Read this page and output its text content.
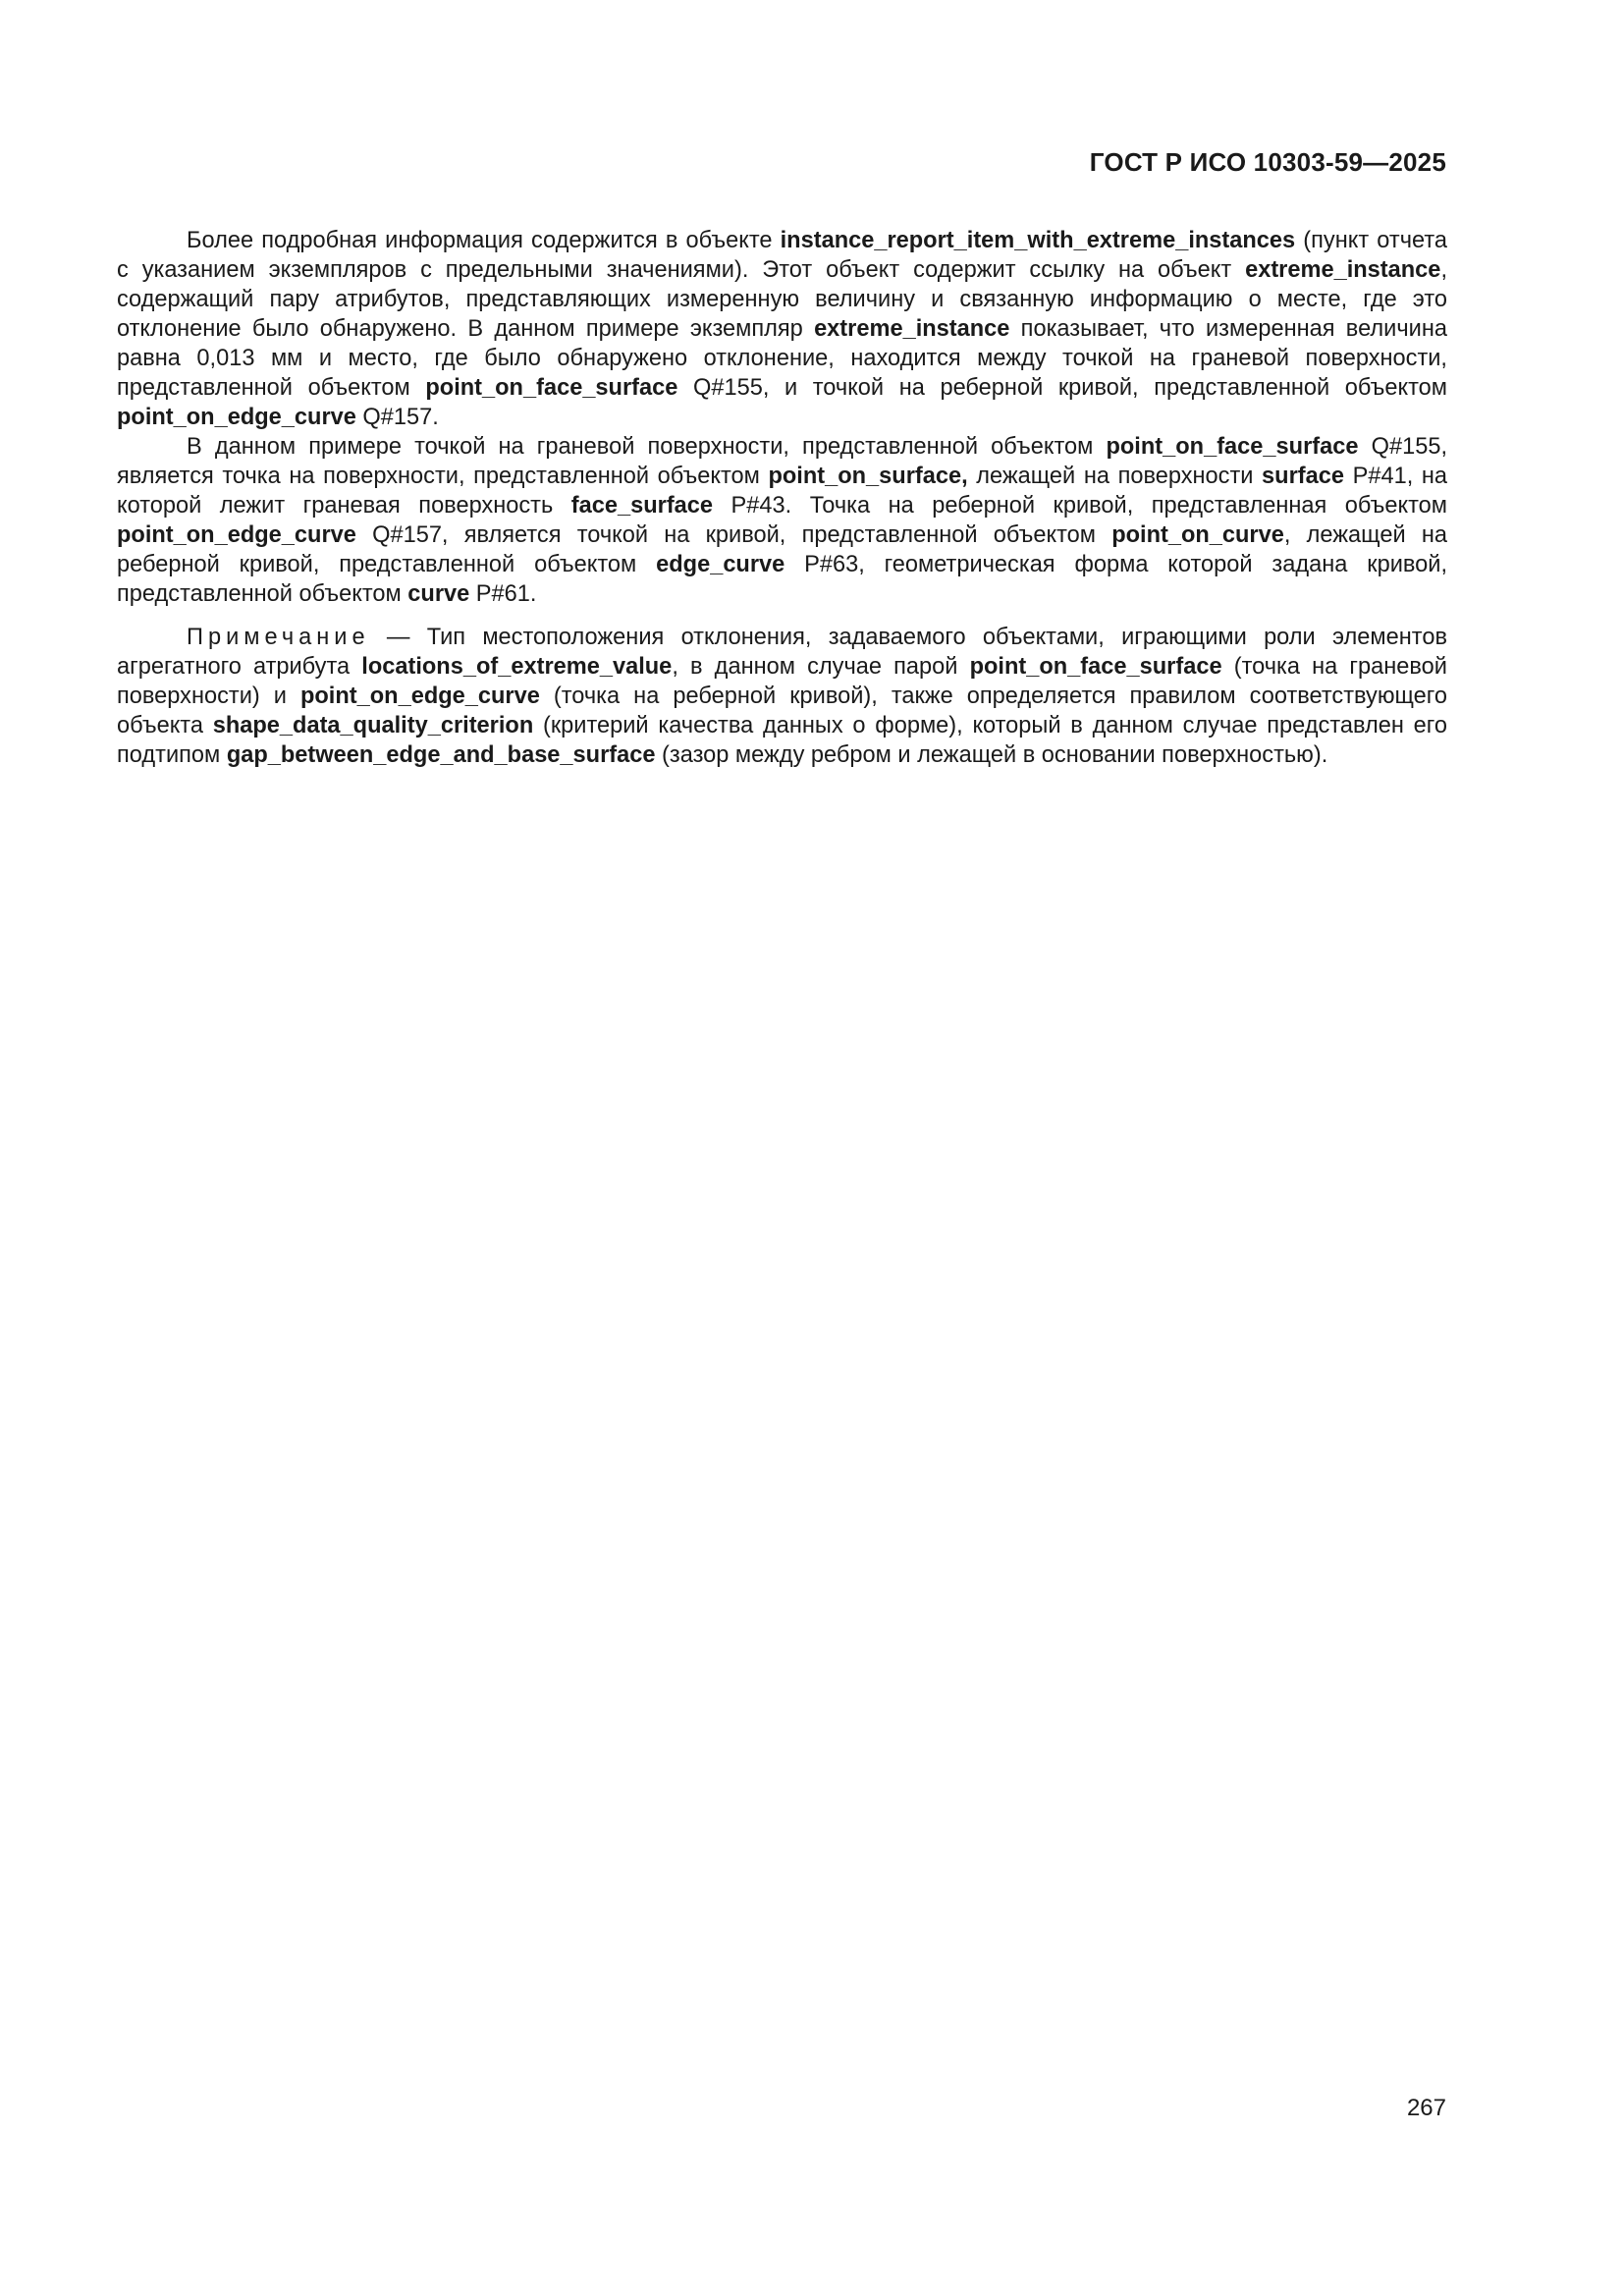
ГОСТ Р ИСО 10303-59—2025

Более подробная информация содержится в объекте instance_report_item_with_extreme_instances (пункт отчета с указанием экземпляров с предельными значениями). Этот объект содержит ссылку на объект extreme_instance, содержащий пару атрибутов, представляющих измеренную величину и связанную информацию о месте, где это отклонение было обнаружено. В данном примере экземпляр extreme_instance показывает, что измеренная величина равна 0,013 мм и место, где было обнаружено отклонение, находится между точкой на граневой поверхности, представленной объектом point_on_face_surface Q#155, и точкой на реберной кривой, представленной объектом point_on_edge_curve Q#157.

В данном примере точкой на граневой поверхности, представленной объектом point_on_face_surface Q#155, является точка на поверхности, представленной объектом point_on_surface, лежащей на поверхности surface P#41, на которой лежит граневая поверхность face_surface P#43. Точка на реберной кривой, представленная объектом point_on_edge_curve Q#157, является точкой на кривой, представленной объектом point_on_curve, лежащей на реберной кривой, представленной объектом edge_curve P#63, геометрическая форма которой задана кривой, представленной объектом curve P#61.

Примечание — Тип местоположения отклонения, задаваемого объектами, играющими роли элементов агрегатного атрибута locations_of_extreme_value, в данном случае парой point_on_face_surface (точка на граневой поверхности) и point_on_edge_curve (точка на реберной кривой), также определяется правилом соответствующего объекта shape_data_quality_criterion (критерий качества данных о форме), который в данном случае представлен его подтипом gap_between_edge_and_base_surface (зазор между ребром и лежащей в основании поверхностью).

267
